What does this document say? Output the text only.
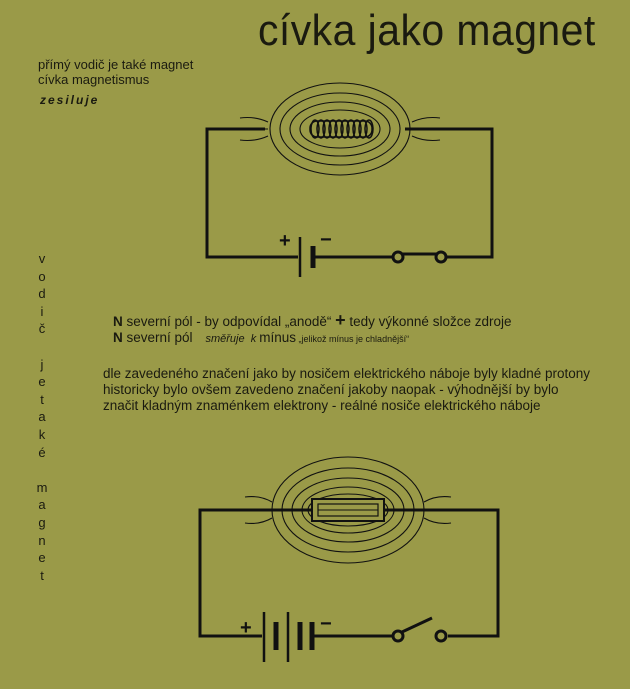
cívka jako magnet
přímý vodič je také magnet
cívka magnetismus
zesiluje
v
o
d
i
č
j
e
t
a
k
é
m
a
g
n
e
t
N severní pól - by odpovídal „anodě“ + tedy výkonné složce zdroje
N severní pól    směřuje  k mínus „jelikož mínus je chladnější“
dle zavedeného značení jako by nosičem elektrického náboje byly kladné protony
historicky bylo ovšem zavedeno značení jakoby naopak - výhodnější by bylo
značit kladným znaménkem elektrony - reálné nosiče elektrického náboje
+ −
+	−
